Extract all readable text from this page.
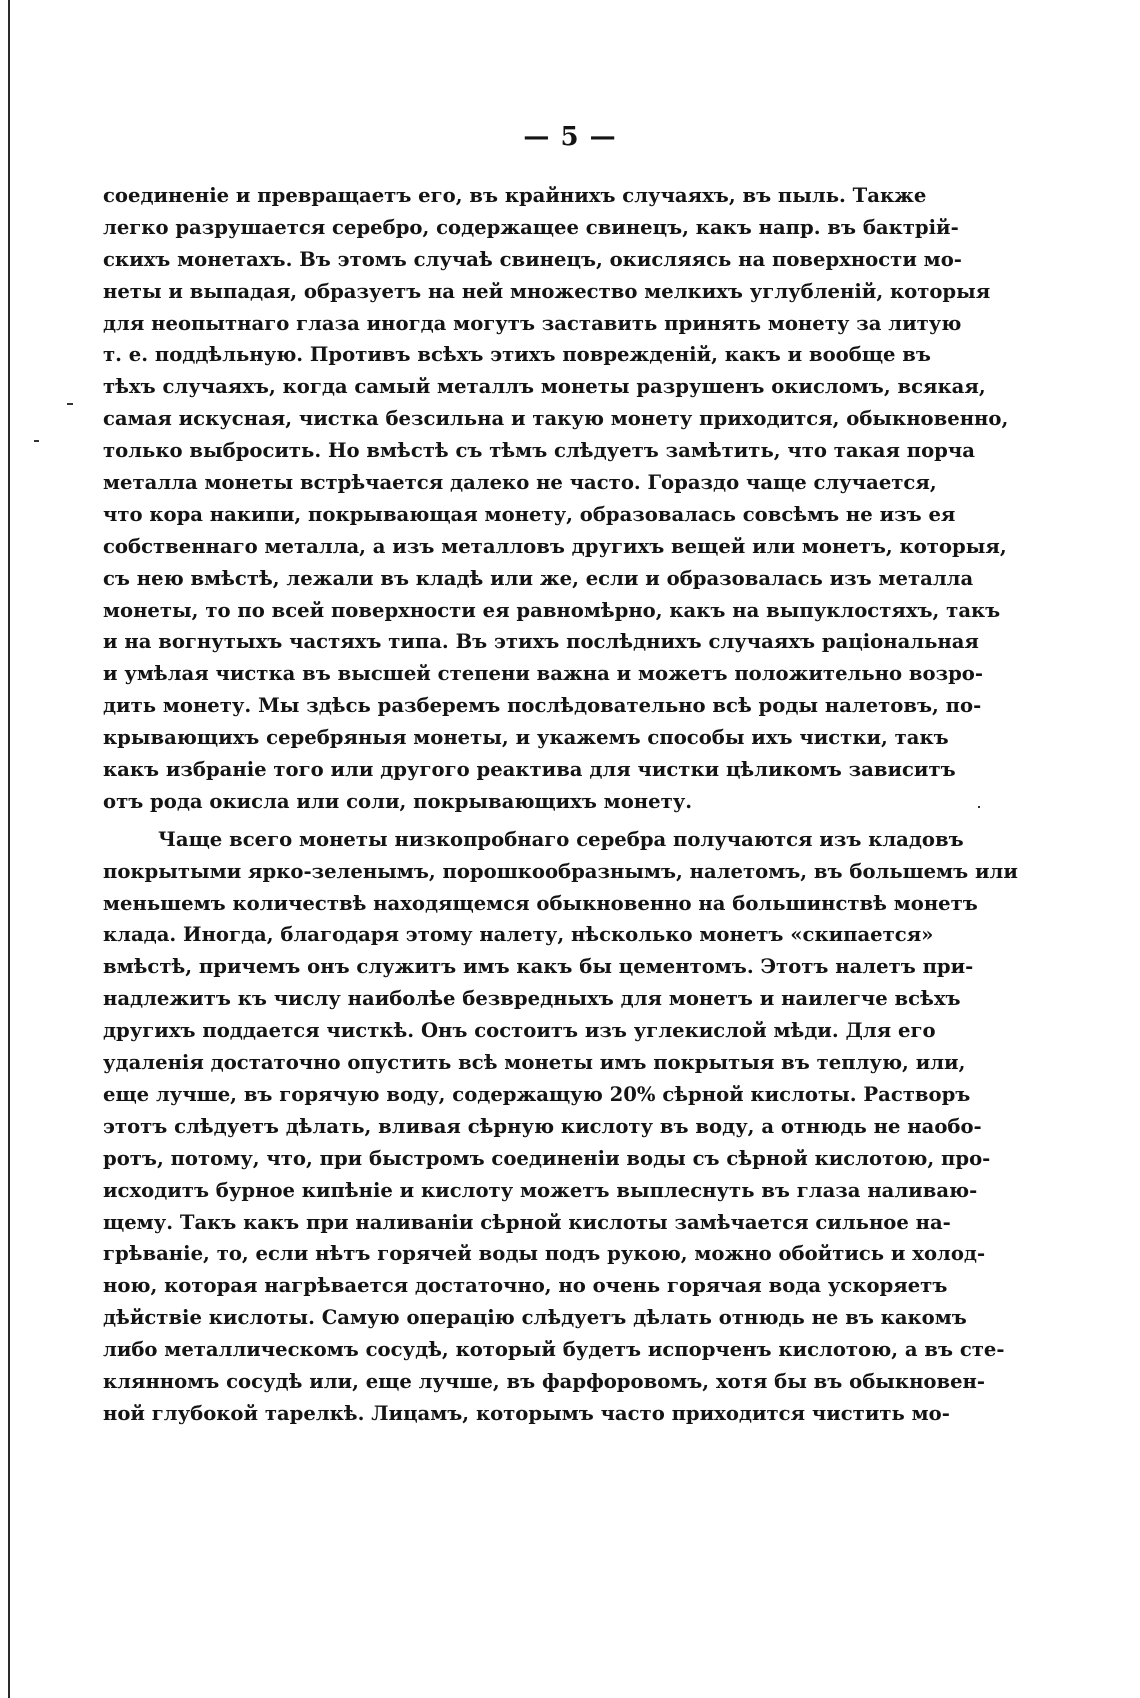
— 5 —
соединеніе и превращаетъ его, въ крайнихъ случаяхъ, въ пыль. Также
легко разрушается серебро, содержащее свинецъ, какъ напр. въ бактрій-
скихъ монетахъ. Въ этомъ случаѣ свинецъ, окисляясь на поверхности мо-
неты и выпадая, образуетъ на ней множество мелкихъ углубленій, которыя
для неопытнаго глаза иногда могутъ заставить принять монету за литую
т. е. поддѣльную. Противъ всѣхъ этихъ поврежденій, какъ и вообще въ
тѣхъ случаяхъ, когда самый металлъ монеты разрушенъ окисломъ, всякая,
самая искусная, чистка безсильна и такую монету приходится, обыкновенно,
только выбросить. Но вмѣстѣ съ тѣмъ слѣдуетъ замѣтить, что такая порча
металла монеты встрѣчается далеко не часто. Гораздо чаще случается,
что кора накипи, покрывающая монету, образовалась совсѣмъ не изъ ея
собственнаго металла, а изъ металловъ другихъ вещей или монетъ, которыя,
съ нею вмѣстѣ, лежали въ кладѣ или же, если и образовалась изъ металла
монеты, то по всей поверхности ея равномѣрно, какъ на выпуклостяхъ, такъ
и на вогнутыхъ частяхъ типа. Въ этихъ послѣднихъ случаяхъ раціональная
и умѣлая чистка въ высшей степени важна и можетъ положительно возро-
дить монету. Мы здѣсь разберемъ послѣдовательно всѣ роды налетовъ, по-
крывающихъ серебряныя монеты, и укажемъ способы ихъ чистки, такъ
какъ избраніе того или другого реактива для чистки цѣликомъ зависитъ
отъ рода окисла или соли, покрывающихъ монету.
Чаще всего монеты низкопробнаго серебра получаются изъ кладовъ
покрытыми ярко-зеленымъ, порошкообразнымъ, налетомъ, въ большемъ или
меньшемъ количествѣ находящемся обыкновенно на большинствѣ монетъ
клада. Иногда, благодаря этому налету, нѣсколько монетъ «скипается»
вмѣстѣ, причемъ онъ служитъ имъ какъ бы цементомъ. Этотъ налетъ при-
надлежитъ къ числу наиболѣе безвредныхъ для монетъ и наилегче всѣхъ
другихъ поддается чисткѣ. Онъ состоитъ изъ углекислой мѣди. Для его
удаленія достаточно опустить всѣ монеты имъ покрытыя въ теплую, или,
еще лучше, въ горячую воду, содержащую 20% сѣрной кислоты. Растворъ
этотъ слѣдуетъ дѣлать, вливая сѣрную кислоту въ воду, а отнюдь не наобо-
ротъ, потому, что, при быстромъ соединеніи воды съ сѣрной кислотою, про-
исходитъ бурное кипѣніе и кислоту можетъ выплеснуть въ глаза наливаю-
щему. Такъ какъ при наливаніи сѣрной кислоты замѣчается сильное на-
грѣваніе, то, если нѣтъ горячей воды подъ рукою, можно обойтись и холод-
ною, которая нагрѣвается достаточно, но очень горячая вода ускоряетъ
дѣйствіе кислоты. Самую операцію слѣдуетъ дѣлать отнюдь не въ какомъ
либо металлическомъ сосудѣ, который будетъ испорченъ кислотою, а въ сте-
клянномъ сосудѣ или, еще лучше, въ фарфоровомъ, хотя бы въ обыкновен-
ной глубокой тарелкѣ. Лицамъ, которымъ часто приходится чистить мо-
